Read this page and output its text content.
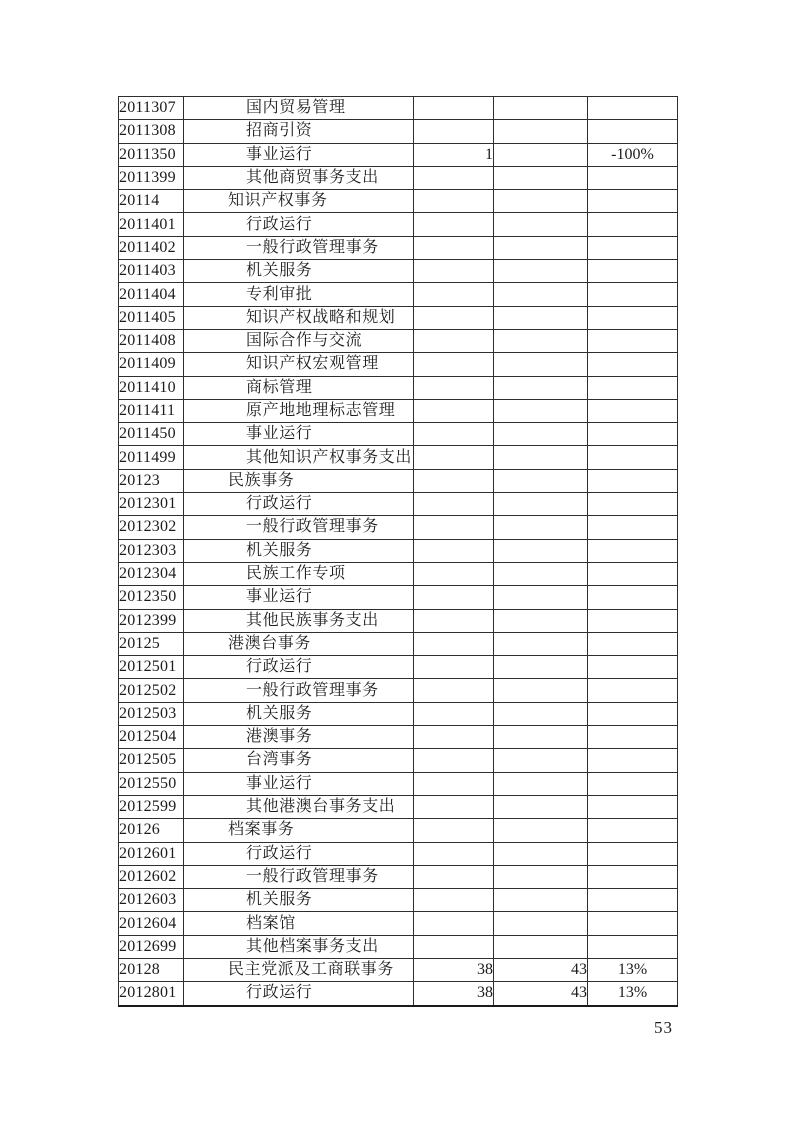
2011307	国内贸易管理			
2011308	招商引资			
2011350	事业运行	1		-100%
2011399	其他商贸事务支出			
20114	知识产权事务			
2011401	行政运行			
2011402	一般行政管理事务			
2011403	机关服务			
2011404	专利审批			
2011405	知识产权战略和规划			
2011408	国际合作与交流			
2011409	知识产权宏观管理			
2011410	商标管理			
2011411	原产地地理标志管理			
2011450	事业运行			
2011499	其他知识产权事务支出			
20123	民族事务			
2012301	行政运行			
2012302	一般行政管理事务			
2012303	机关服务			
2012304	民族工作专项			
2012350	事业运行			
2012399	其他民族事务支出			
20125	港澳台事务			
2012501	行政运行			
2012502	一般行政管理事务			
2012503	机关服务			
2012504	港澳事务			
2012505	台湾事务			
2012550	事业运行			
2012599	其他港澳台事务支出			
20126	档案事务			
2012601	行政运行			
2012602	一般行政管理事务			
2012603	机关服务			
2012604	档案馆			
2012699	其他档案事务支出			
20128	民主党派及工商联事务	38	43	13%
2012801	行政运行	38	43	13%
53
